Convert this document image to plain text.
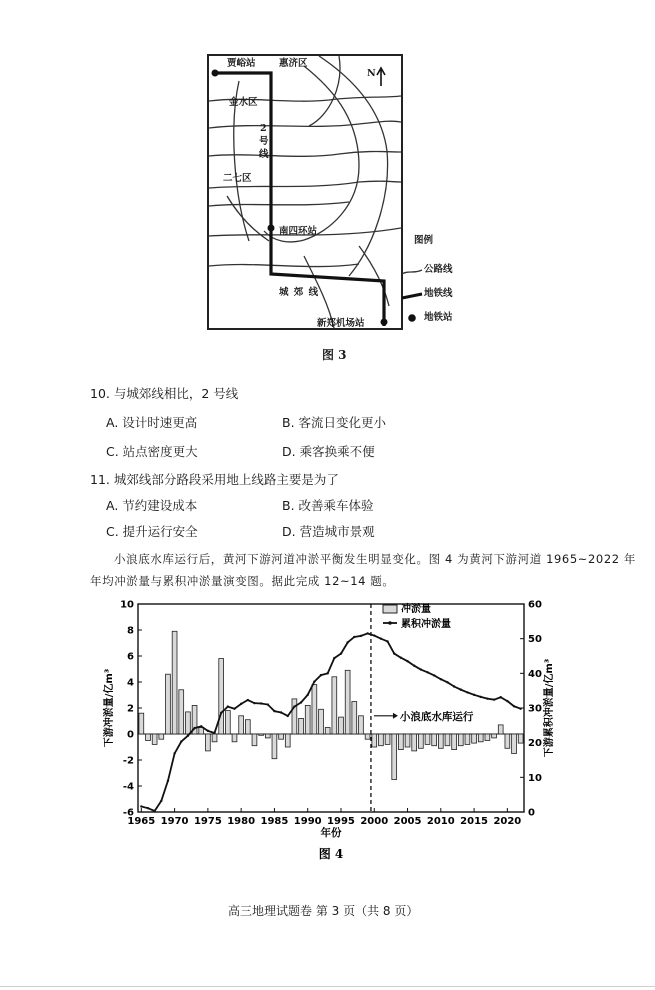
贾峪站 惠济区
N
金水区
2
号
线
二七区
南四环站
城 郊 线
新郑机场站
图例
公路线
地铁线
地铁站
图 3
10. 与城郊线相比，2 号线
A. 设计时速更高	B. 客流日变化更小
C. 站点密度更大	D. 乘客换乘不便
11. 城郊线部分路段采用地上线路主要是为了
A. 节约建设成本	B. 改善乘车体验
C. 提升运行安全	D. 营造城市景观
小浪底水库运行后，黄河下游河道冲淤平衡发生明显变化。图 4 为黄河下游河道 1965~2022 年
年均冲淤量与累积冲淤量演变图。据此完成 12~14 题。
-6
-4
-2
0
2
4
6
8
10
0
10
20
30
40
50
60
1965 1970 1975 1980 1985 1990 1995 2000 2005 2010 2015 2020
小浪底水库运行
冲淤量
累积冲淤量
年份
下游冲淤量/亿m³	下游累积冲淤量/亿m³
图 4
高三地理试题卷 第 3 页（共 8 页）
